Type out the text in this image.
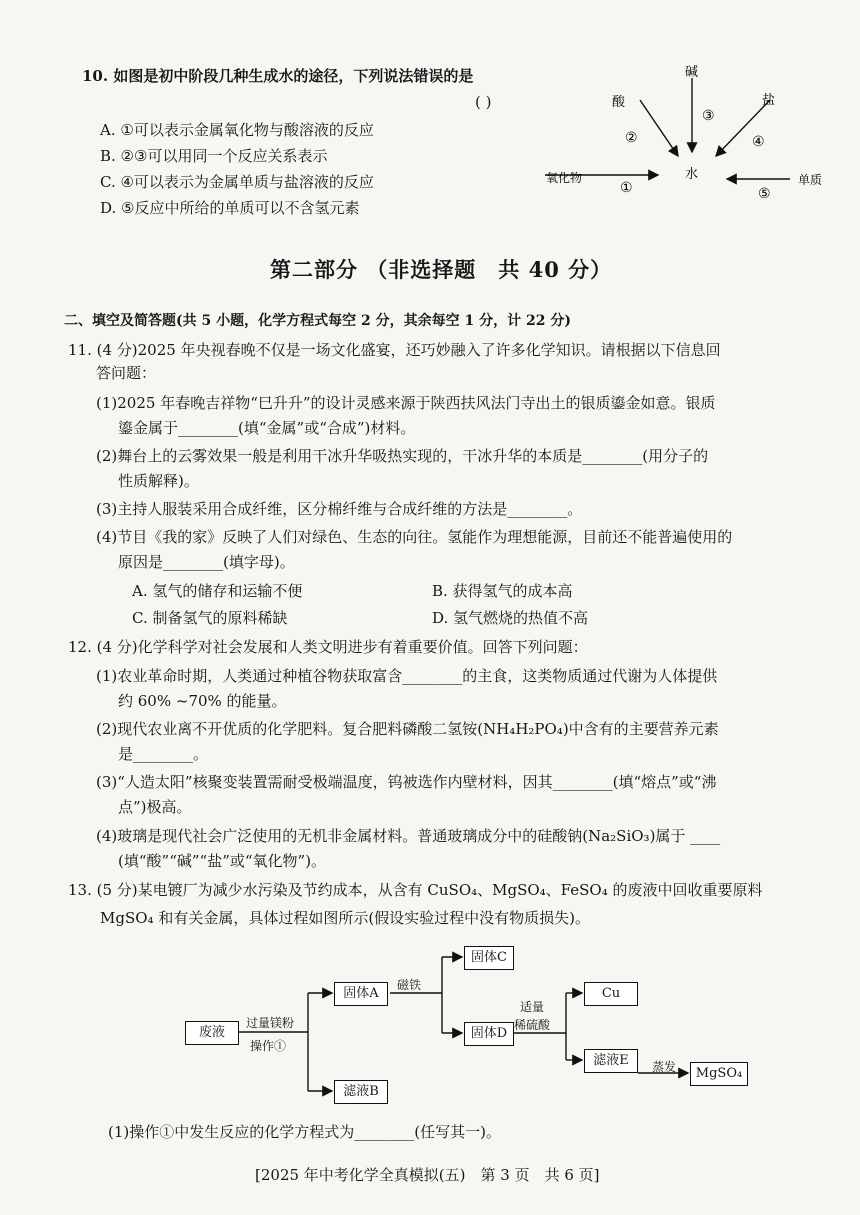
10. 如图是初中阶段几种生成水的途径，下列说法错误的是
( )
A. ①可以表示金属氧化物与酸溶液的反应
B. ②③可以用同一个反应关系表示
C. ④可以表示为金属单质与盐溶液的反应
D. ⑤反应中所给的单质可以不含氢元素
水
酸
碱
盐
氧化物	单质
②
③
④
①	⑤
第二部分 （非选择题　共 40 分）
二、填空及简答题(共 5 小题，化学方程式每空 2 分，其余每空 1 分，计 22 分)
11. (4 分)2025 年央视春晚不仅是一场文化盛宴，还巧妙融入了许多化学知识。请根据以下信息回
答问题：
(1)2025 年春晚吉祥物“巳升升”的设计灵感来源于陕西扶风法门寺出土的银质鎏金如意。银质
鎏金属于________(填“金属”或“合成”)材料。
(2)舞台上的云雾效果一般是利用干冰升华吸热实现的，干冰升华的本质是________(用分子的
性质解释)。
(3)主持人服装采用合成纤维，区分棉纤维与合成纤维的方法是________。
(4)节目《我的家》反映了人们对绿色、生态的向往。氢能作为理想能源，目前还不能普遍使用的
原因是________(填字母)。
A. 氢气的储存和运输不便	B. 获得氢气的成本高
C. 制备氢气的原料稀缺	D. 氢气燃烧的热值不高
12. (4 分)化学科学对社会发展和人类文明进步有着重要价值。回答下列问题：
(1)农业革命时期，人类通过种植谷物获取富含________的主食，这类物质通过代谢为人体提供
约 60% ~70% 的能量。
(2)现代农业离不开优质的化学肥料。复合肥料磷酸二氢铵(NH₄H₂PO₄)中含有的主要营养元素
是________。
(3)“人造太阳”核聚变装置需耐受极端温度，钨被选作内壁材料，因其________(填“熔点”或“沸
点”)极高。
(4)玻璃是现代社会广泛使用的无机非金属材料。普通玻璃成分中的硅酸钠(Na₂SiO₃)属于 ____
(填“酸”“碱”“盐”或“氧化物”)。
13. (5 分)某电镀厂为减少水污染及节约成本，从含有 CuSO₄、MgSO₄、FeSO₄ 的废液中回收重要原料
MgSO₄ 和有关金属，具体过程如图所示(假设实验过程中没有物质损失)。
废液
过量镁粉
操作①
固体A
磁铁
固体C
固体D
适量
稀硫酸
Cu
滤液E	蒸发	MgSO₄
滤液B
(1)操作①中发生反应的化学方程式为________(任写其一)。
[2025 年中考化学全真模拟(五)　第 3 页　共 6 页]
